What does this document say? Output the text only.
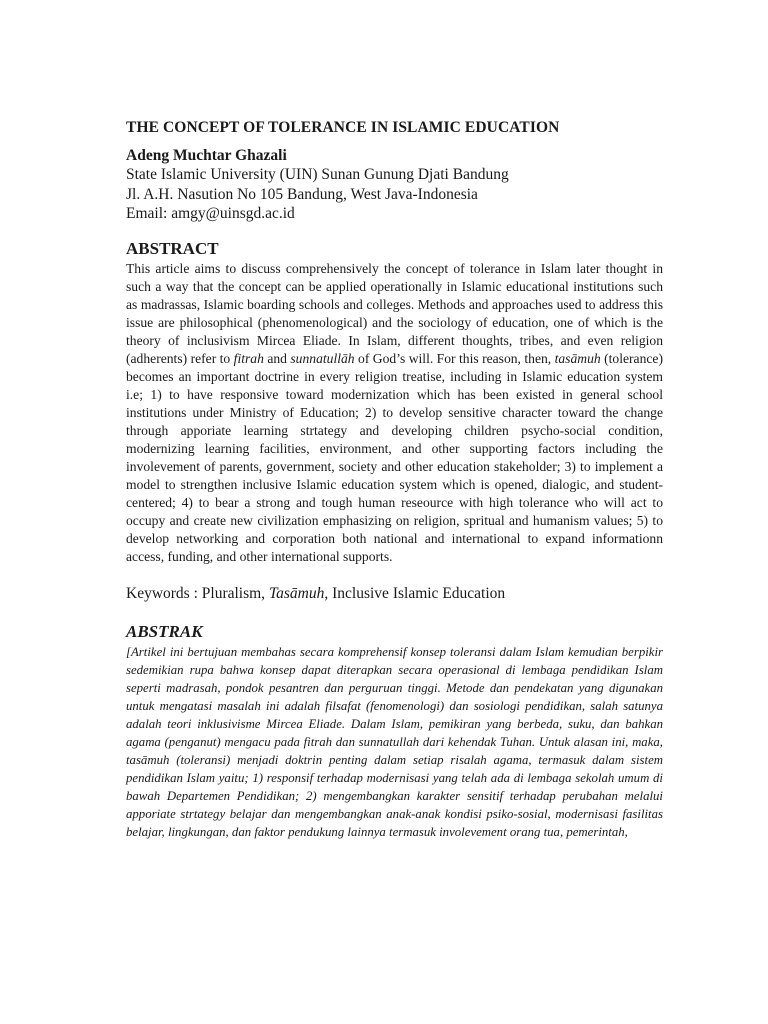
THE CONCEPT OF TOLERANCE IN ISLAMIC EDUCATION

Adeng Muchtar Ghazali

State Islamic University (UIN) Sunan Gunung Djati Bandung

Jl. A.H. Nasution No 105 Bandung, West Java-Indonesia

Email: amgy@uinsgd.ac.id

ABSTRACT

This article aims to discuss comprehensively the concept of tolerance in Islam later thought in such a way that the concept can be applied operationally in Islamic educational institutions such as madrassas, Islamic boarding schools and colleges. Methods and approaches used to address this issue are philosophical (phenomenological) and the sociology of education, one of which is the theory of inclusivism Mircea Eliade. In Islam, different thoughts, tribes, and even religion (adherents) refer to fitrah and sunnatullāh of God’s will. For this reason, then, tasāmuh (tolerance) becomes an important doctrine in every religion treatise, including in Islamic education system i.e; 1) to have responsive toward modernization which has been existed in general school institutions under Ministry of Education; 2) to develop sensitive character toward the change through apporiate learning strtategy and developing children psycho-social condition, modernizing learning facilities, environment, and other supporting factors including the involevement of parents, government, society and other education stakeholder; 3) to implement a model to strengthen inclusive Islamic education system which is opened, dialogic, and student-centered; 4) to bear a strong and tough human reseource with high tolerance who will act to occupy and create new civilization emphasizing on religion, spritual and humanism values; 5) to develop networking and corporation both national and international to expand informationn access, funding, and other international supports.

Keywords : Pluralism, Tasāmuh, Inclusive Islamic Education

ABSTRAK

[Artikel ini bertujuan membahas secara komprehensif konsep toleransi dalam Islam kemudian berpikir sedemikian rupa bahwa konsep dapat diterapkan secara operasional di lembaga pendidikan Islam seperti madrasah, pondok pesantren dan perguruan tinggi. Metode dan pendekatan yang digunakan untuk mengatasi masalah ini adalah filsafat (fenomenologi) dan sosiologi pendidikan, salah satunya adalah teori inklusivisme Mircea Eliade. Dalam Islam, pemikiran yang berbeda, suku, dan bahkan agama (penganut) mengacu pada fitrah dan sunnatullah dari kehendak Tuhan. Untuk alasan ini, maka, tasāmuh (toleransi) menjadi doktrin penting dalam setiap risalah agama, termasuk dalam sistem pendidikan Islam yaitu; 1) responsif terhadap modernisasi yang telah ada di lembaga sekolah umum di bawah Departemen Pendidikan; 2) mengembangkan karakter sensitif terhadap perubahan melalui apporiate strtategy belajar dan mengembangkan anak-anak kondisi psiko-sosial, modernisasi fasilitas belajar, lingkungan, dan faktor pendukung lainnya termasuk involevement orang tua, pemerintah,
